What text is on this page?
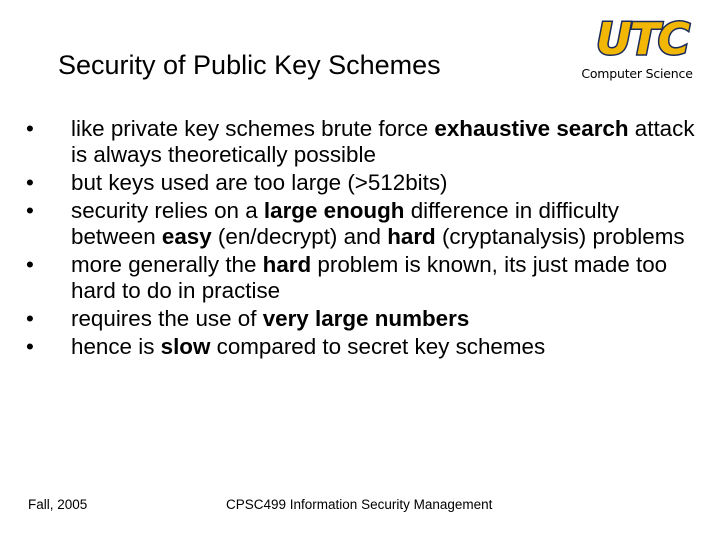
Security of Public Key Schemes	UTC
Computer Science
•	like private key schemes brute force exhaustive search attack is always theoretically possible
•	but keys used are too large (>512bits)
•	security relies on a large enough difference in difficulty between easy (en/decrypt) and hard (cryptanalysis) problems
•	more generally the hard problem is known, its just made too hard to do in practise
•	requires the use of very large numbers
•	hence is slow compared to secret key schemes
Fall, 2005	CPSC499 Information Security Management
